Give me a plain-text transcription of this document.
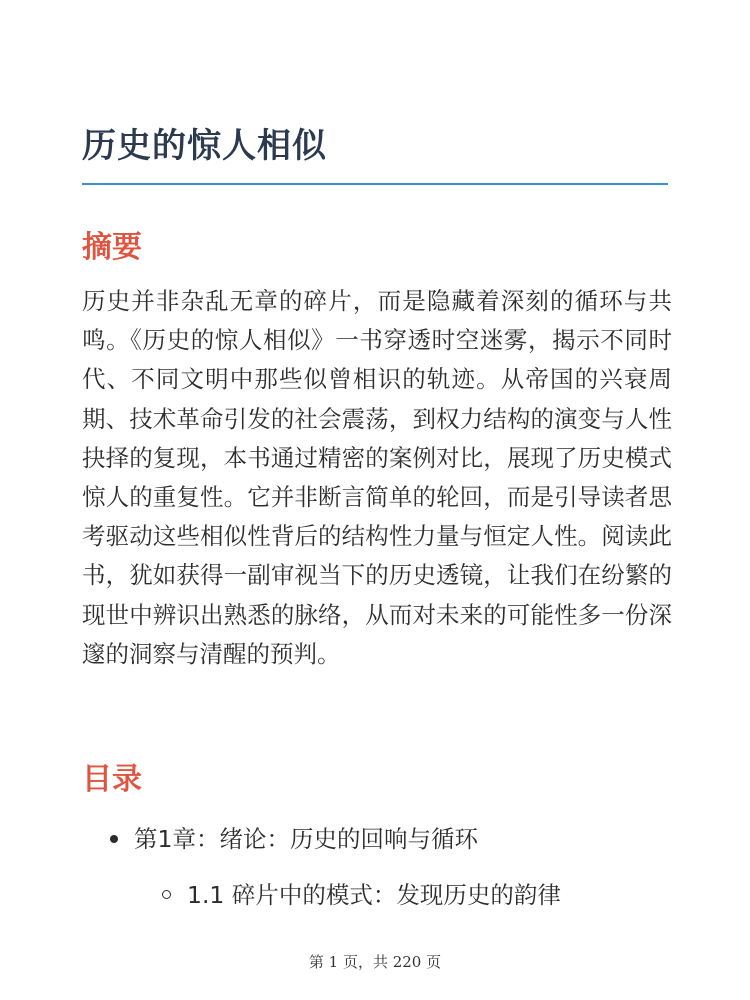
历史的惊人相似
摘要

历史并非杂乱无章的碎片，而是隐藏着深刻的循环与共鸣。《历史的惊人相似》一书穿透时空迷雾，揭示不同时代、不同文明中那些似曾相识的轨迹。从帝国的兴衰周期、技术革命引发的社会震荡，到权力结构的演变与人性抉择的复现，本书通过精密的案例对比，展现了历史模式惊人的重复性。它并非断言简单的轮回，而是引导读者思考驱动这些相似性背后的结构性力量与恒定人性。阅读此书，犹如获得一副审视当下的历史透镜，让我们在纷繁的现世中辨识出熟悉的脉络，从而对未来的可能性多一份深邃的洞察与清醒的预判。

目录
第1章：绪论：历史的回响与循环
1.1 碎片中的模式：发现历史的韵律
第 1 页，共 220 页
